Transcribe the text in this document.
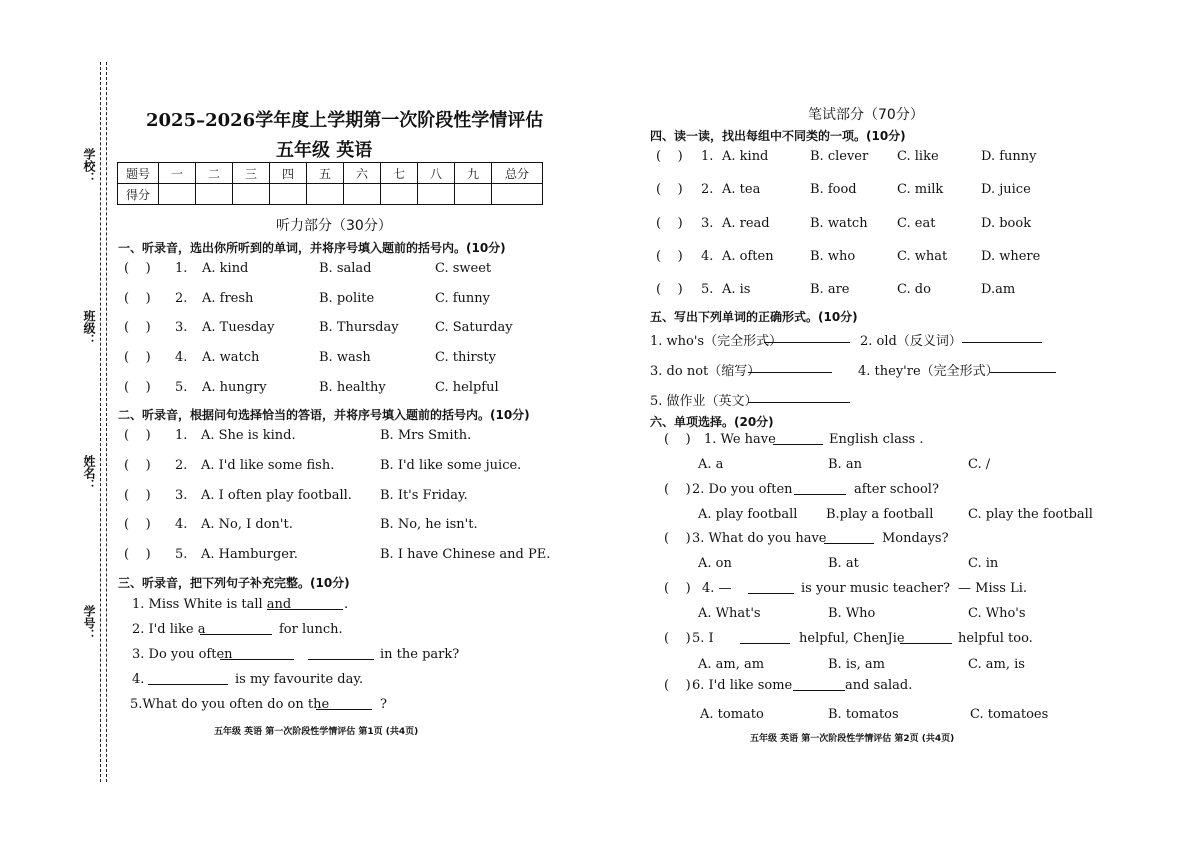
学校：
班级：
姓名：
学号：
2025–2026学年度上学期第一次阶段性学情评估
五年级 英语
题号	一	二	三	四	五	六	七	八	九	总分
得分										
听力部分（30分）
一、听录音，选出你所听到的单词，并将序号填入题前的括号内。(10分)
(    ) 1. A. kind	B. salad	C. sweet
(    ) 2. A. fresh	B. polite	C. funny
(    ) 3. A. Tuesday	B. Thursday	C. Saturday
(    ) 4. A. watch	B. wash	C. thirsty
(    ) 5. A. hungry	B. healthy	C. helpful
二、听录音，根据问句选择恰当的答语，并将序号填入题前的括号内。(10分)
(    ) 1. A. She is kind.	B. Mrs Smith.
(    ) 2. A. I'd like some fish.	B. I'd like some juice.
(    ) 3. A. I often play football. B. It's Friday.
(    ) 4. A. No, I don't.	B. No, he isn't.
(    ) 5. A. Hamburger.	B. I have Chinese and PE.
三、听录音，把下列句子补充完整。(10分)
1. Miss White is tall and	.
2. I'd like a	for lunch.
3. Do you often	in the park?
4.	is my favourite day.
5.What do you often do on the	?
五年级 英语 第一次阶段性学情评估 第1页 (共4页)
笔试部分（70分）
四、读一读，找出每组中不同类的一项。(10分)
(    ) 1. A. kind	B. clever C. like	D. funny
(    ) 2. A. tea	B. food	C. milk	D. juice
(    ) 3. A. read	B. watch C. eat	D. book
(    ) 4. A. often	B. who	C. what	D. where
(    ) 5. A. is	B. are	C. do	D.am
五、写出下列单词的正确形式。(10分)
1. who's（完全形式）	2. old（反义词）
3. do not（缩写）	4. they're（完全形式）
5. 做作业（英文）
六、单项选择。(20分)
(    ) 1. We have	English class .
A. a	B. an	C. /
(    ) 2. Do you often	after school?
A. play football B.play a football	C. play the football
(    ) 3. What do you have	Mondays?
A. on	B. at	C. in
(    ) 4. —	is your music teacher? — Miss Li.
A. What's	B. Who	C. Who's
(    ) 5. I	helpful, ChenJie	helpful too.
A. am, am	B. is, am	C. am, is
(    ) 6. I'd like some	and salad.
A. tomato	B. tomatos	C. tomatoes
五年级 英语 第一次阶段性学情评估 第2页 (共4页)
